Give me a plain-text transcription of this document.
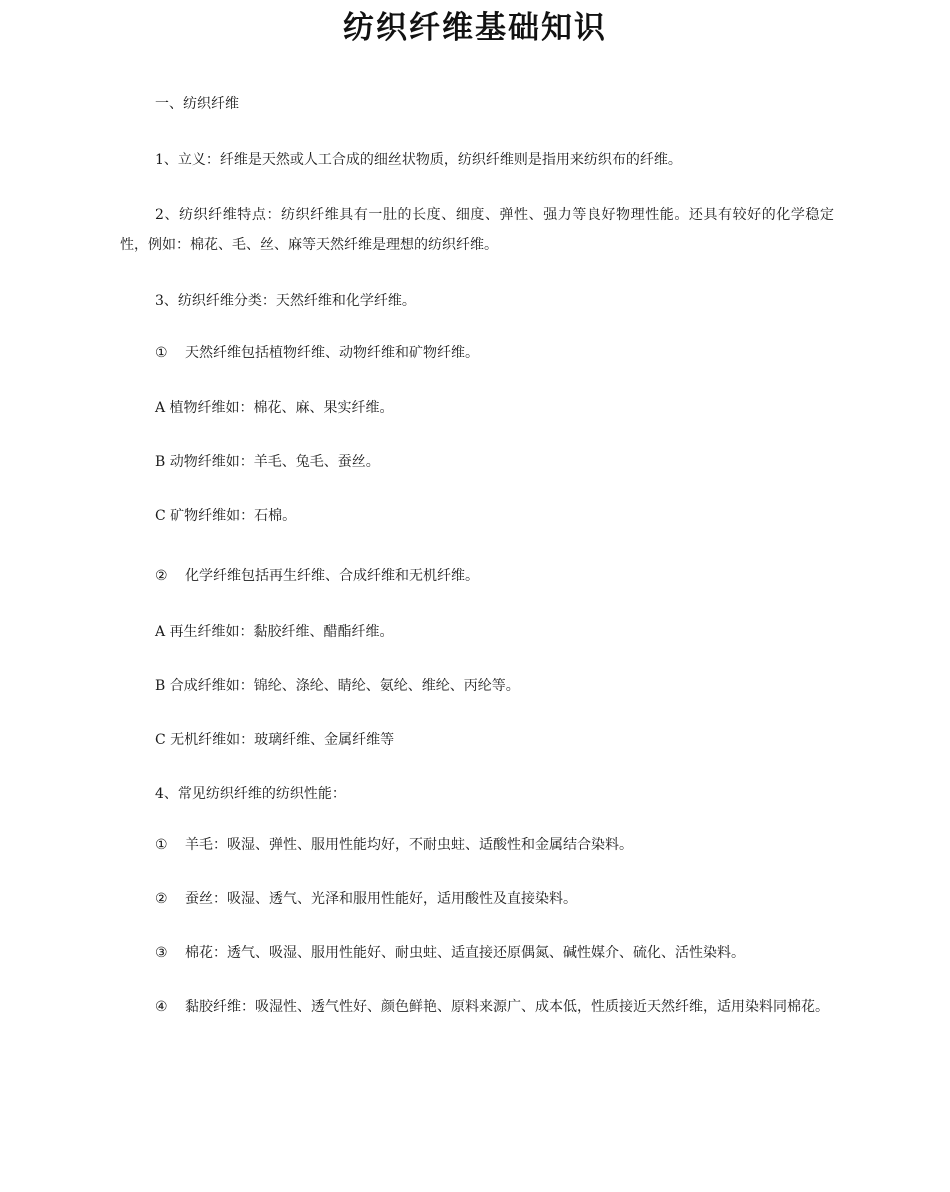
纺织纤维基础知识
一、纺织纤维
1、立义：纤维是天然或人工合成的细丝状物质，纺织纤维则是指用来纺织布的纤维。
2、纺织纤维特点：纺织纤维具有一肚的长度、细度、弹性、强力等良好物理性能。还具有较好的化学稳定性，例如：棉花、毛、丝、麻等天然纤维是理想的纺织纤维。
3、纺织纤维分类：天然纤维和化学纤维。
① 天然纤维包括植物纤维、动物纤维和矿物纤维。
A 植物纤维如：棉花、麻、果实纤维。
B 动物纤维如：羊毛、兔毛、蚕丝。
C 矿物纤维如：石棉。
② 化学纤维包括再生纤维、合成纤维和无机纤维。
A 再生纤维如：黏胶纤维、醋酯纤维。
B 合成纤维如：锦纶、涤纶、睛纶、氨纶、维纶、丙纶等。
C 无机纤维如：玻璃纤维、金属纤维等
4、常见纺织纤维的纺织性能：
① 羊毛：吸湿、弹性、服用性能均好，不耐虫蛀、适酸性和金属结合染料。
② 蚕丝：吸湿、透气、光泽和服用性能好，适用酸性及直接染料。
③ 棉花：透气、吸湿、服用性能好、耐虫蛀、适直接还原偶氮、碱性媒介、硫化、活性染料。
④ 黏胶纤维：吸湿性、透气性好、颜色鲜艳、原料来源广、成本低，性质接近天然纤维，适用染料同棉花。
